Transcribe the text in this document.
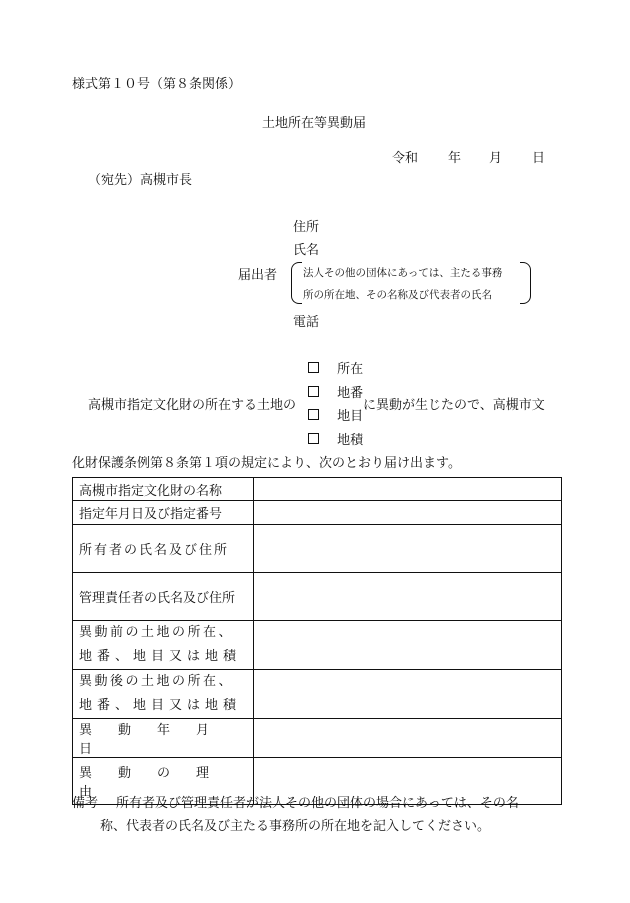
様式第１０号（第８条関係）
土地所在等異動届
令和 年 月 日
（宛先）高槻市長
住所
氏名
届出者 法人その他の団体にあっては、主たる事務
所の所在地、その名称及び代表者の氏名
電話
所在
地番
地目
地積
高槻市指定文化財の所在する土地の	に異動が生じたので、高槻市文
化財保護条例第８条第１項の規定により、次のとおり届け出ます。
高槻市指定文化財の名称	
指定年月日及び指定番号	
所有者の氏名及び住所	
管理責任者の氏名及び住所	

異動前の土地の所在、
地番、地目又は地積	

異動後の土地の所在、
地番、地目又は地積	

異動年月日	
異動の理由	
備考 所有者及び管理責任者が法人その他の団体の場合にあっては、その名
称、代表者の氏名及び主たる事務所の所在地を記入してください。
